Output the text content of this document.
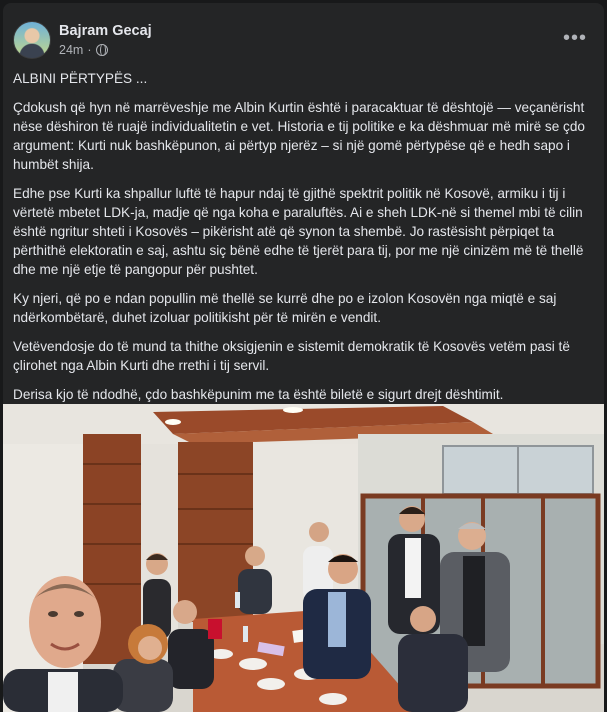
Bajram Gecaj
24m ·
•••

ALBINI PËRTYPËS ...

Çdokush që hyn në marrëveshje me Albin Kurtin është i paracaktuar të dështojë — veçanërisht nëse dëshiron të ruajë individualitetin e vet. Historia e tij politike e ka dëshmuar më mirë se çdo argument: Kurti nuk bashkëpunon, ai përtyp njerëz – si një gomë përtypëse që e hedh sapo i humbët shija.

Edhe pse Kurti ka shpallur luftë të hapur ndaj të gjithë spektrit politik në Kosovë, armiku i tij i vërtetë mbetet LDK-ja, madje që nga koha e paraluftës. Ai e sheh LDK-në si themel mbi të cilin është ngritur shteti i Kosovës – pikërisht atë që synon ta shembë. Jo rastësisht përpiqet ta përthithë elektoratin e saj, ashtu siç bënë edhe të tjerët para tij, por me një cinizëm më të thellë dhe me një etje të pangopur për pushtet.

Ky njeri, që po e ndan popullin më thellë se kurrë dhe po e izolon Kosovën nga miqtë e saj ndërkombëtarë, duhet izoluar politikisht për të mirën e vendit.

Vetëvendosje do të mund ta thithe oksigjenin e sistemit demokratik të Kosovës vetëm pasi të çlirohet nga Albin Kurti dhe rrethi i tij servil.

Derisa kjo të ndodhë, çdo bashkëpunim me ta është biletë e sigurt drejt dështimit.
